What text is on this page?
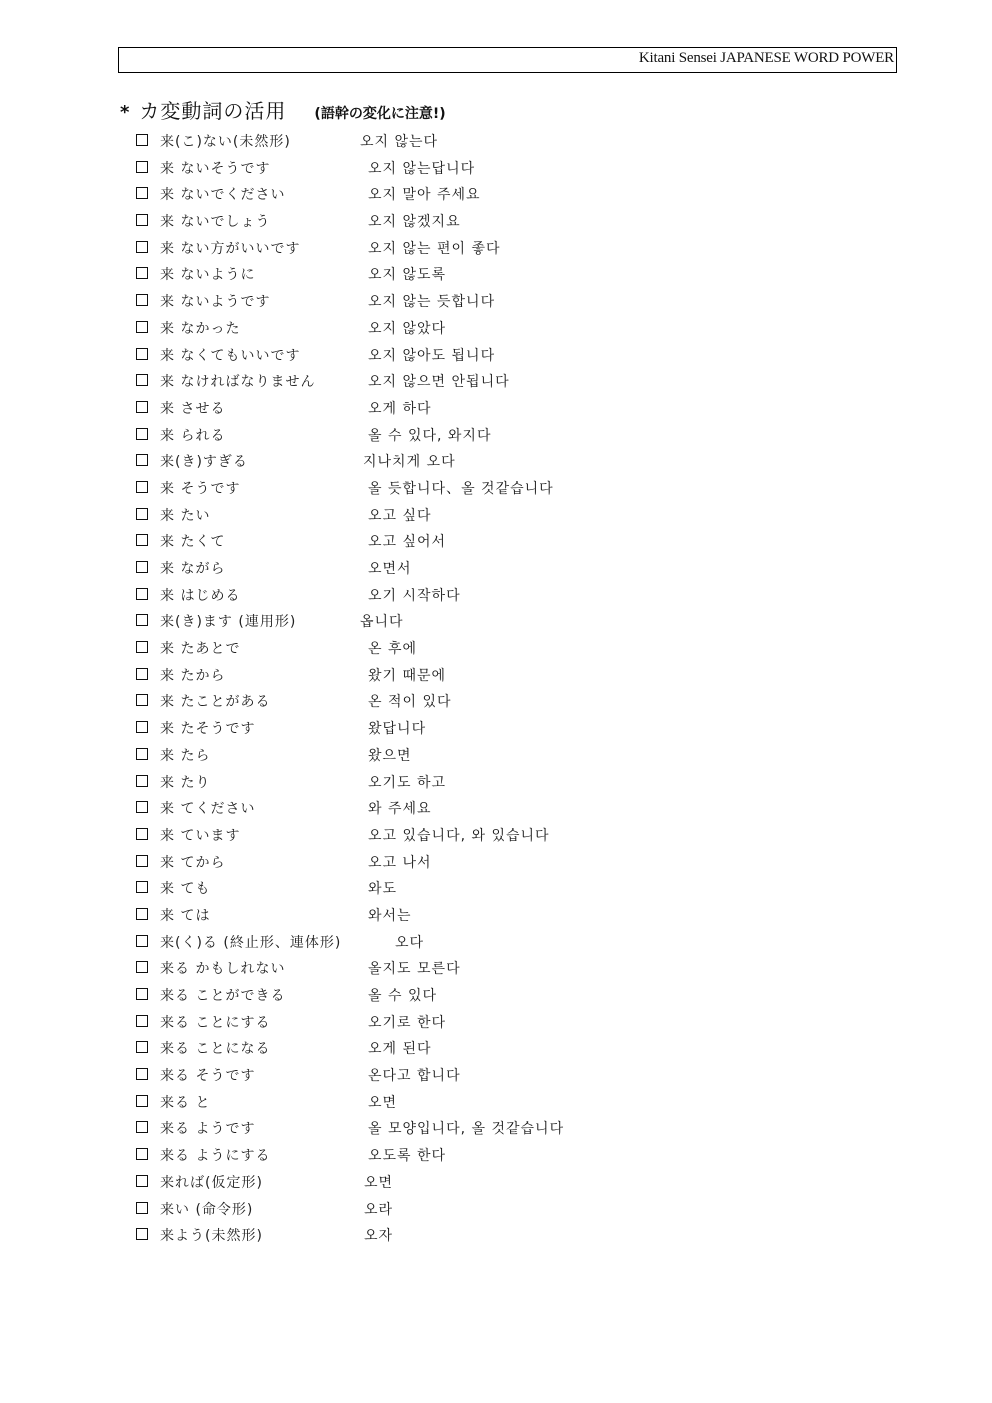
Kitani Sensei JAPANESE WORD POWER
* カ変動詞の活用 (語幹の変化に注意!)
来(こ)ない(未然形)	오지 않는다
来 ないそうです	오지 않는답니다
来 ないでください	오지 말아 주세요
来 ないでしょう	오지 않겠지요
来 ない方がいいです	오지 않는 편이 좋다
来 ないように	오지 않도록
来 ないようです	오지 않는 듯합니다
来 なかった	오지 않았다
来 なくてもいいです	오지 않아도 됩니다
来 なければなりません	오지 않으면 안됩니다
来 させる	오게 하다
来 られる	올 수 있다, 와지다
来(き)すぎる	지나치게 오다
来 そうです	올 듯합니다、올 것같습니다
来 たい	오고 싶다
来 たくて	오고 싶어서
来 ながら	오면서
来 はじめる	오기 시작하다
来(き)ます (連用形)	옵니다
来 たあとで	온 후에
来 たから	왔기 때문에
来 たことがある	온 적이 있다
来 たそうです	왔답니다
来 たら	왔으면
来 たり	오기도 하고
来 てください	와 주세요
来 ています	오고 있습니다, 와 있습니다
来 てから	오고 나서
来 ても	와도
来 ては	와서는
来(く)る (終止形、連体形)	오다
来る かもしれない	올지도 모른다
来る ことができる	올 수 있다
来る ことにする	오기로 한다
来る ことになる	오게 된다
来る そうです	온다고 합니다
来る と	오면
来る ようです	올 모양입니다, 올 것같습니다
来る ようにする	오도록 한다
来れば(仮定形)	오면
来い (命令形)	오라
来よう(未然形)	오자
